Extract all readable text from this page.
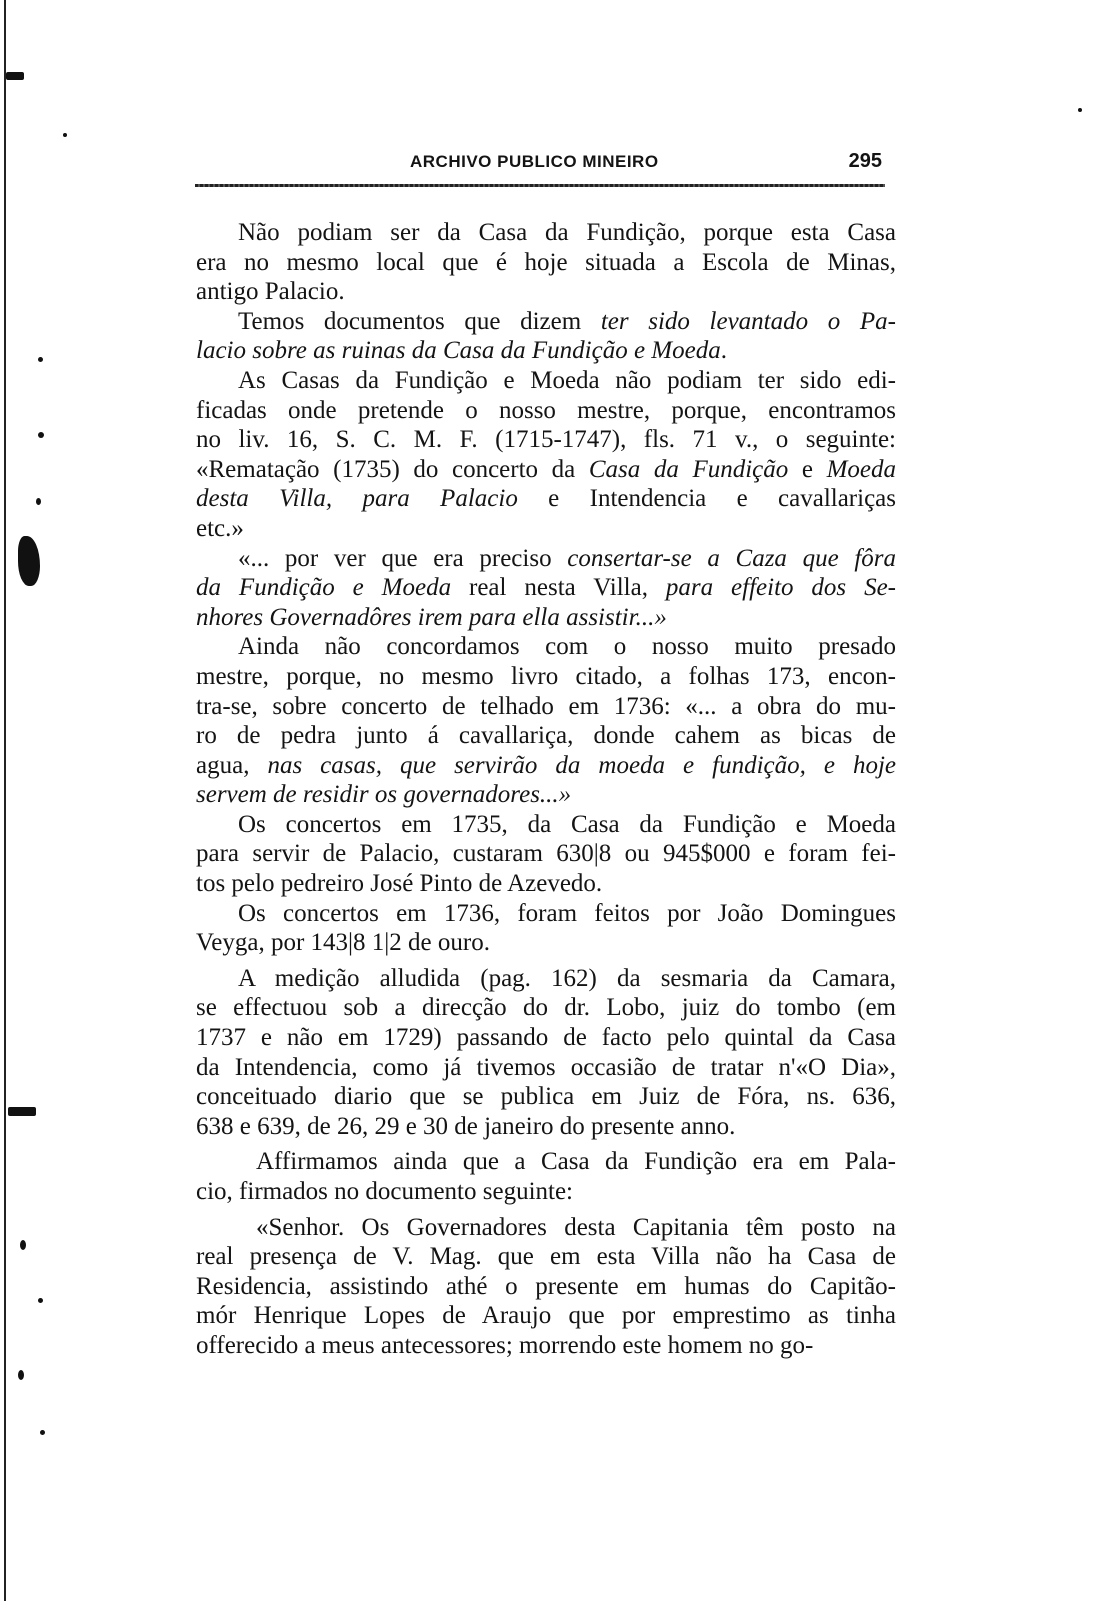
ARCHIVO PUBLICO MINEIRO	295
Não podiam ser da Casa da Fundição, porque esta Casa
era no mesmo local que é hoje situada a Escola de Minas,
antigo Palacio.
Temos documentos que dizem ter sido levantado o Pa-
lacio sobre as ruinas da Casa da Fundição e Moeda.
As Casas da Fundição e Moeda não podiam ter sido edi-
ficadas onde pretende o nosso mestre, porque, encontramos
no liv. 16, S. C. M. F. (1715-1747), fls. 71 v., o seguinte:
«Rematação (1735) do concerto da Casa da Fundição e Moeda
desta Villa, para Palacio e Intendencia e cavallariças
etc.»
«... por ver que era preciso consertar-se a Caza que fôra
da Fundição e Moeda real nesta Villa, para effeito dos Se-
nhores Governadôres irem para ella assistir...»
Ainda não concordamos com o nosso muito presado
mestre, porque, no mesmo livro citado, a folhas 173, encon-
tra-se, sobre concerto de telhado em 1736: «... a obra do mu-
ro de pedra junto á cavallariça, donde cahem as bicas de
agua, nas casas, que servirão da moeda e fundição, e hoje
servem de residir os governadores...»
Os concertos em 1735, da Casa da Fundição e Moeda
para servir de Palacio, custaram 630|8 ou 945$000 e foram fei-
tos pelo pedreiro José Pinto de Azevedo.
Os concertos em 1736, foram feitos por João Domingues
Veyga, por 143|8 1|2 de ouro.
A medição alludida (pag. 162) da sesmaria da Camara,
se effectuou sob a direcção do dr. Lobo, juiz do tombo (em
1737 e não em 1729) passando de facto pelo quintal da Casa
da Intendencia, como já tivemos occasião de tratar n'«O Dia»,
conceituado diario que se publica em Juiz de Fóra, ns. 636,
638 e 639, de 26, 29 e 30 de janeiro do presente anno.
Affirmamos ainda que a Casa da Fundição era em Pala-
cio, firmados no documento seguinte:
«Senhor. Os Governadores desta Capitania têm posto na
real presença de V. Mag. que em esta Villa não ha Casa de
Residencia, assistindo athé o presente em humas do Capitão-
mór Henrique Lopes de Araujo que por emprestimo as tinha
offerecido a meus antecessores; morrendo este homem no go-
